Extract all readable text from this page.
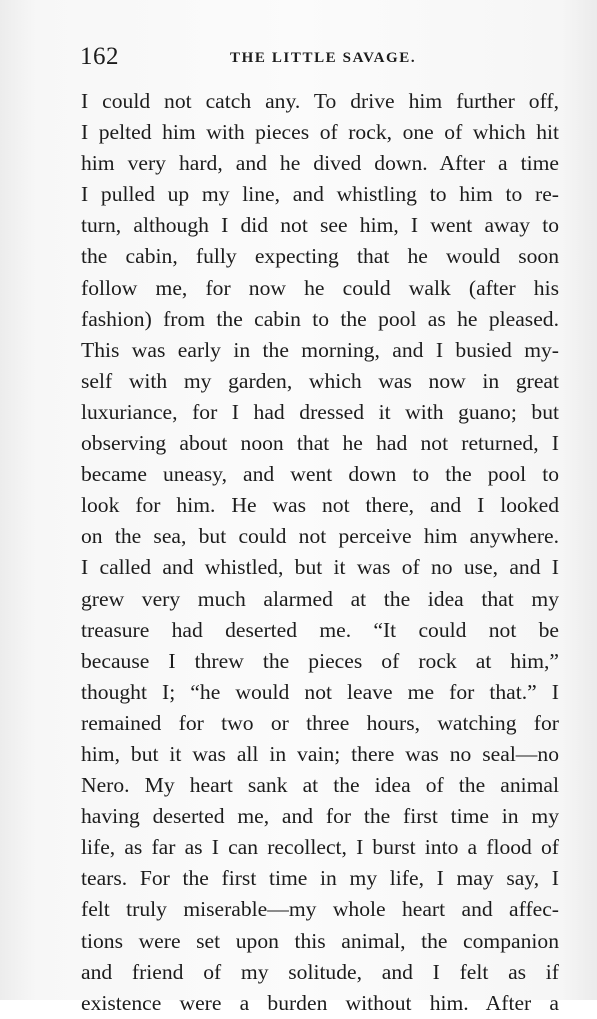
162	THE LITTLE SAVAGE.
I could not catch any. To drive him further off,
I pelted him with pieces of rock, one of which hit
him very hard, and he dived down. After a time
I pulled up my line, and whistling to him to re-
turn, although I did not see him, I went away to
the cabin, fully expecting that he would soon
follow me, for now he could walk (after his
fashion) from the cabin to the pool as he pleased.
This was early in the morning, and I busied my-
self with my garden, which was now in great
luxuriance, for I had dressed it with guano; but
observing about noon that he had not returned, I
became uneasy, and went down to the pool to
look for him. He was not there, and I looked
on the sea, but could not perceive him anywhere.
I called and whistled, but it was of no use, and I
grew very much alarmed at the idea that my
treasure had deserted me. “It could not be
because I threw the pieces of rock at him,”
thought I; “he would not leave me for that.” I
remained for two or three hours, watching for
him, but it was all in vain; there was no seal—no
Nero. My heart sank at the idea of the animal
having deserted me, and for the first time in my
life, as far as I can recollect, I burst into a flood of
tears. For the first time in my life, I may say, I
felt truly miserable—my whole heart and affec-
tions were set upon this animal, the companion
and friend of my solitude, and I felt as if
existence were a burden without him. After a
